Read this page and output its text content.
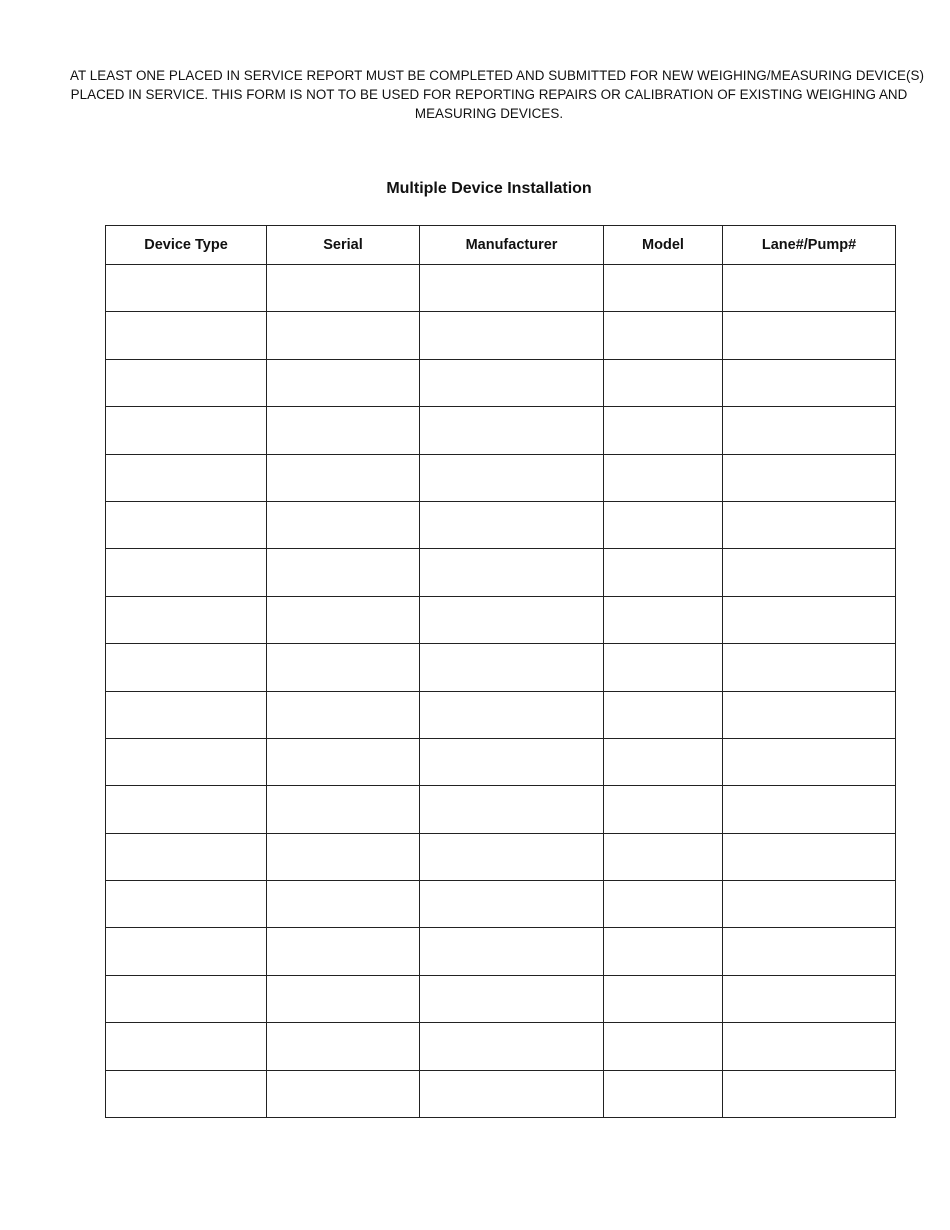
AT LEAST ONE PLACED IN SERVICE REPORT MUST BE COMPLETED AND SUBMITTED FOR NEW WEIGHING/MEASURING DEVICE(S)
PLACED IN SERVICE. THIS FORM IS NOT TO BE USED FOR REPORTING REPAIRS OR CALIBRATION OF EXISTING WEIGHING AND
MEASURING DEVICES.
Multiple Device Installation
Device Type	Serial	Manufacturer	Model	Lane#/Pump#
